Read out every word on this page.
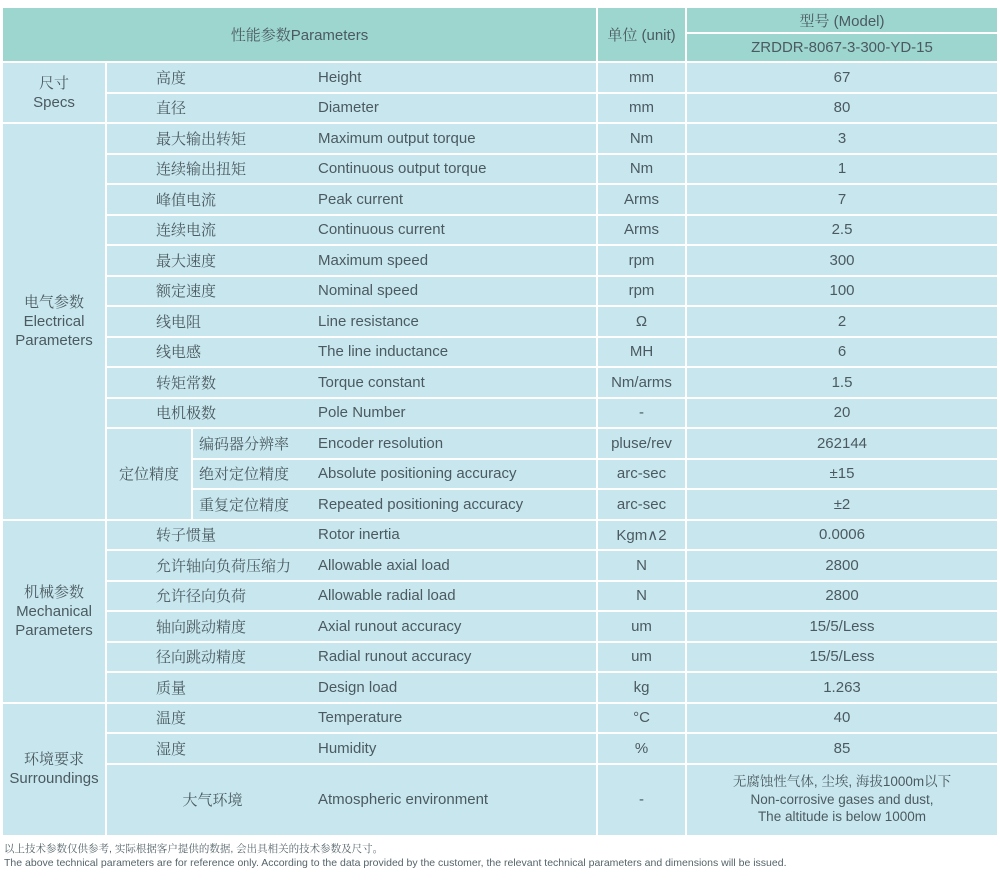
性能参数Parameters	单位 (unit)
型号 (Model)
ZRDDR-8067-3-300-YD-15
尺寸
Specs
高度	Height	mm	67
直径	Diameter	mm	80
电气参数
Electrical Parameters
最大输出转矩	Maximum output torque	Nm	3
连续输出扭矩	Continuous output torque	Nm	1
峰值电流	Peak current	Arms	7
连续电流	Continuous current	Arms	2.5
最大速度	Maximum speed	rpm	300
额定速度	Nominal speed	rpm	100
线电阻	Line resistance	Ω	2
线电感	The line inductance	MH	6
转矩常数	Torque constant	Nm/arms	1.5
电机极数	Pole Number	-	20
定位精度
编码器分辨率	Encoder resolution	pluse/rev	262144
绝对定位精度	Absolute positioning accuracy	arc-sec	±15
重复定位精度	Repeated positioning accuracy	arc-sec	±2
机械参数
Mechanical Parameters
转子惯量	Rotor inertia	Kgm∧2	0.0006
允许轴向负荷压缩力	Allowable axial load	N	2800
允许径向负荷	Allowable radial load	N	2800
轴向跳动精度	Axial runout accuracy	um	15/5/Less
径向跳动精度	Radial runout accuracy	um	15/5/Less
质量	Design load	kg	1.263
环境要求
Surroundings
温度	Temperature	°C	40
湿度	Humidity	%	85
大气环境	Atmospheric environment	-
无腐蚀性气体, 尘埃, 海拔1000m以下
Non-corrosive gases and dust,
The altitude is below 1000m
以上技术参数仅供参考, 实际根据客户提供的数据, 会出具相关的技术参数及尺寸。
The above technical parameters are for reference only. According to the data provided by the customer, the relevant technical parameters and dimensions will be issued.
